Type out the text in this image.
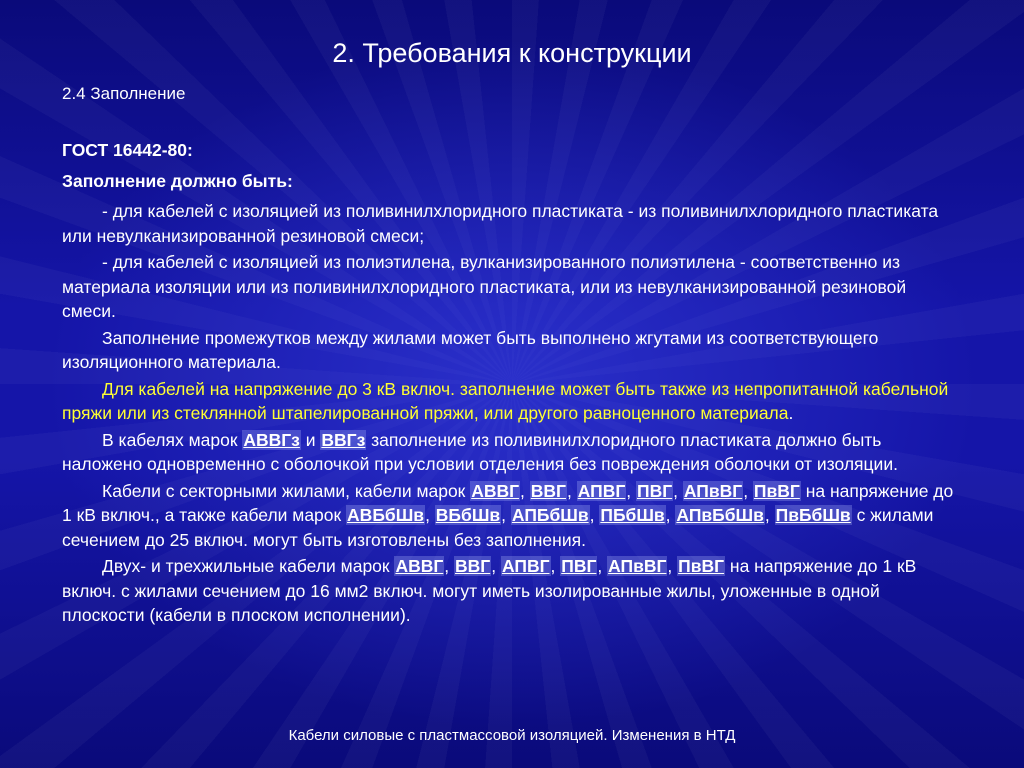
2. Требования к конструкции
2.4 Заполнение

ГОСТ 16442-80:

Заполнение должно быть:

- для кабелей с изоляцией из поливинилхлоридного пластиката - из поливинилхлоридного пластиката или невулканизированной резиновой смеси;

- для кабелей с изоляцией из полиэтилена, вулканизированного полиэтилена - соответственно из материала изоляции или из поливинилхлоридного пластиката, или из невулканизированной резиновой смеси.

Заполнение промежутков между жилами может быть выполнено жгутами из соответствующего изоляционного материала.

Для кабелей на напряжение до 3 кВ включ. заполнение может быть также из непропитанной кабельной пряжи или из стеклянной штапелированной пряжи, или другого равноценного материала.

В кабелях марок АВВГз и ВВГз заполнение из поливинилхлоридного пластиката должно быть наложено одновременно с оболочкой при условии отделения без повреждения оболочки от изоляции.

Кабели с секторными жилами, кабели марок АВВГ, ВВГ, АПВГ, ПВГ, АПвВГ, ПвВГ на напряжение до 1 кВ включ., а также кабели марок АВБбШв, ВБбШв, АПБбШв, ПБбШв, АПвБбШв, ПвБбШв с жилами сечением до 25 включ. могут быть изготовлены без заполнения.

Двух- и трехжильные кабели марок АВВГ, ВВГ, АПВГ, ПВГ, АПвВГ, ПвВГ на напряжение до 1 кВ включ. с жилами сечением до 16 мм2 включ. могут иметь изолированные жилы, уложенные в одной плоскости (кабели в плоском исполнении).

Кабели силовые с пластмассовой изоляцией. Изменения в НТД
